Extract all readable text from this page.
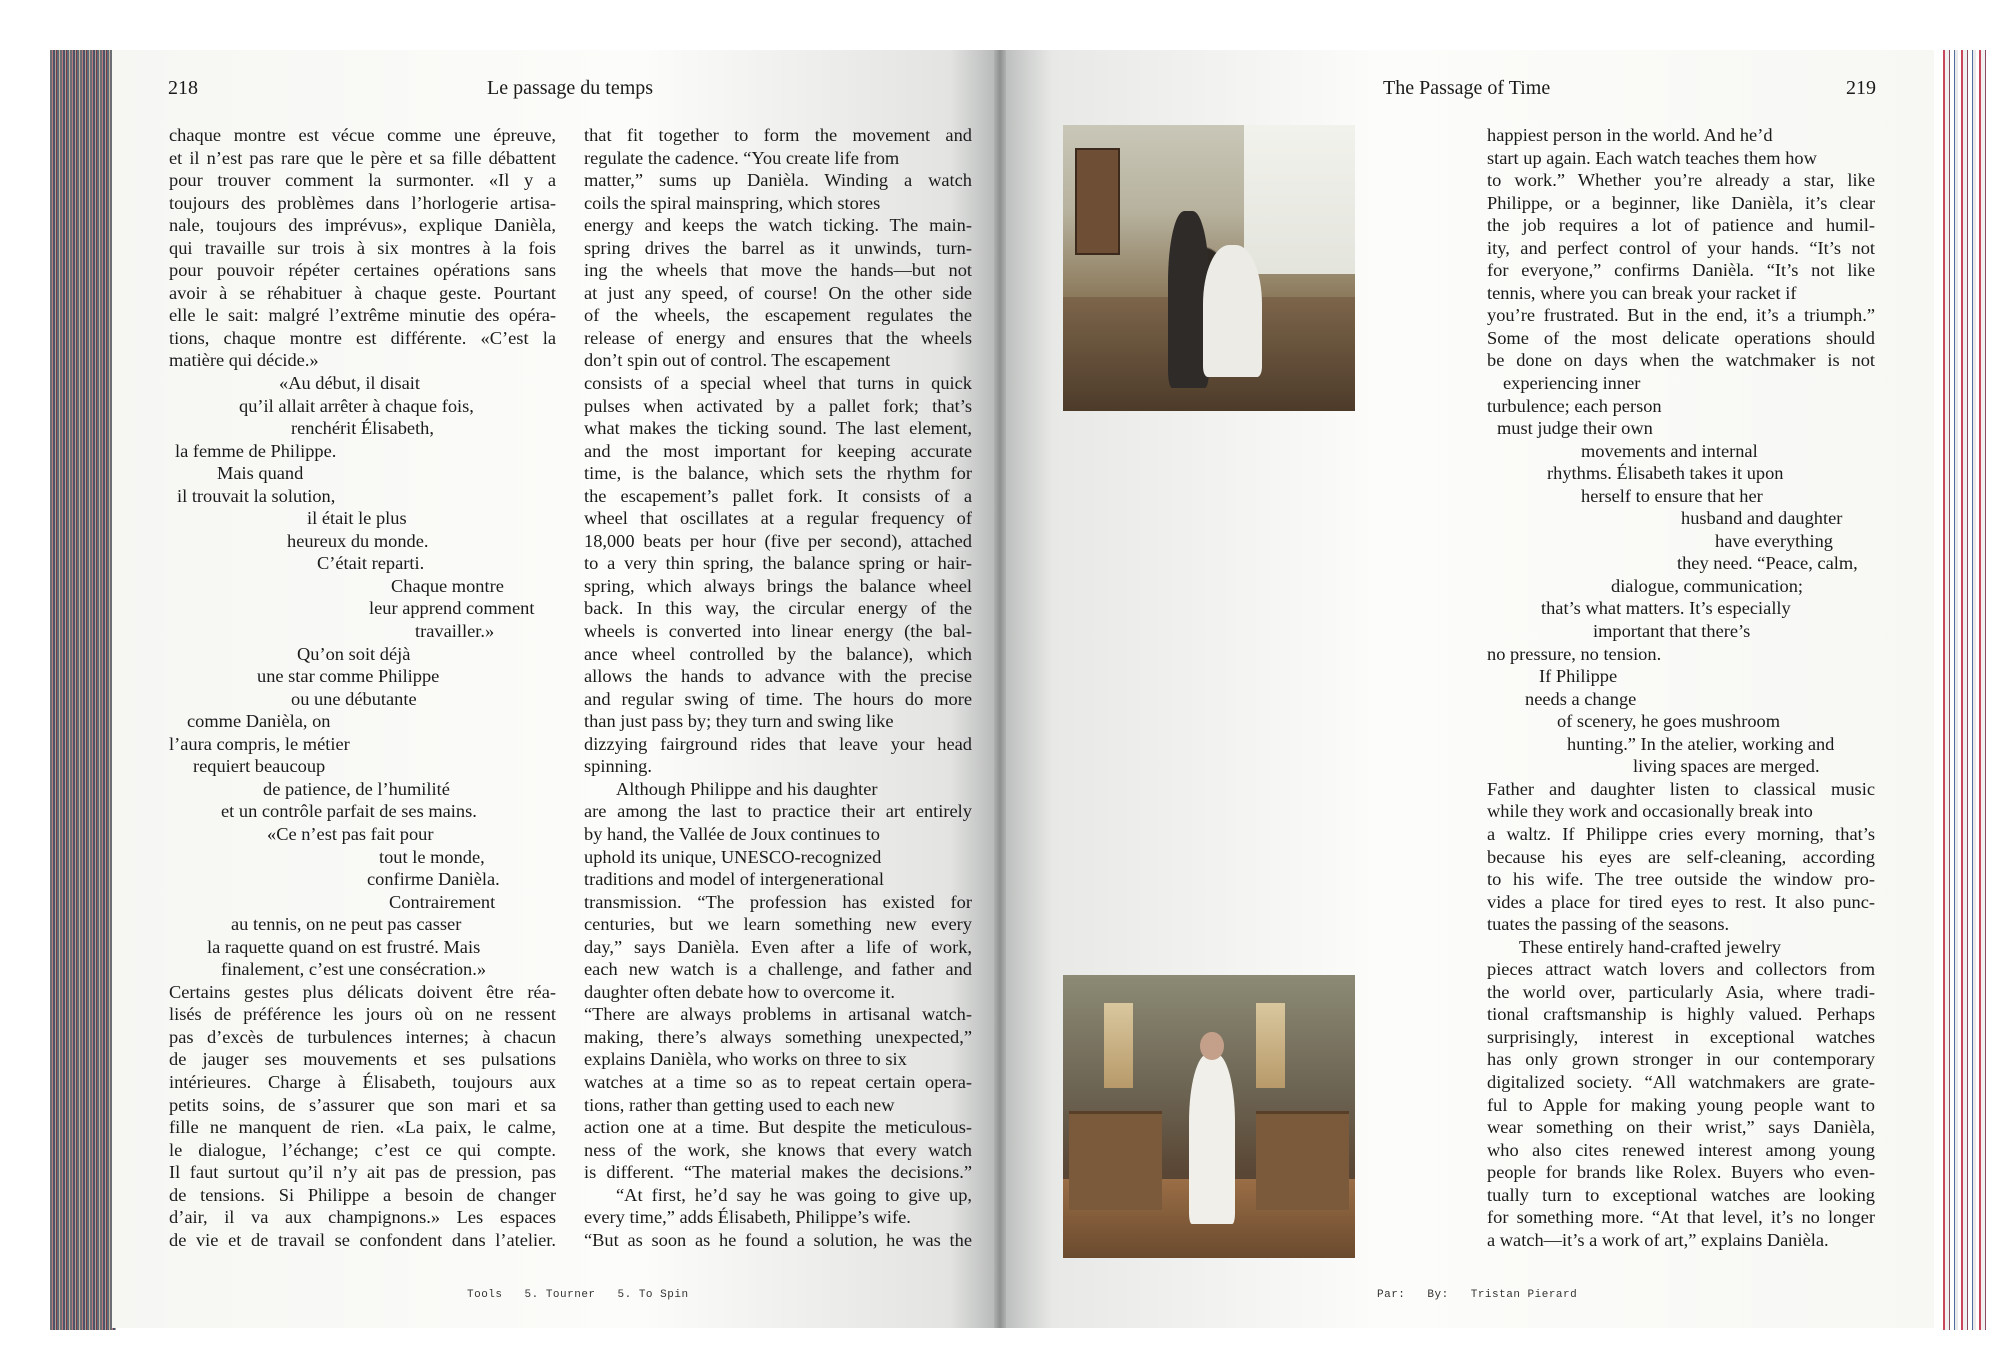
218	Le passage du temps	The Passage of Time	219
chaque montre est vécue comme une épreuve,
et il n’est pas rare que le père et sa fille débattent
pour trouver comment la surmonter. «Il y a
toujours des problèmes dans l’horlogerie artisa-
nale, toujours des imprévus», explique Danièla,
qui travaille sur trois à six montres à la fois
pour pouvoir répéter certaines opérations sans
avoir à se réhabituer à chaque geste. Pourtant
elle le sait: malgré l’extrême minutie des opéra-
tions, chaque montre est différente. «C’est la
matière qui décide.»
«Au début, il disait
qu’il allait arrêter à chaque fois,
renchérit Élisabeth,
la femme de Philippe.
Mais quand
il trouvait la solution,
il était le plus
heureux du monde.
C’était reparti.
Chaque montre
leur apprend comment
travailler.»
Qu’on soit déjà
une star comme Philippe
ou une débutante
comme Danièla, on
l’aura compris, le métier
requiert beaucoup
de patience, de l’humilité
et un contrôle parfait de ses mains.
«Ce n’est pas fait pour
tout le monde,
confirme Danièla.
Contrairement
au tennis, on ne peut pas casser
la raquette quand on est frustré. Mais
finalement, c’est une consécration.»
Certains gestes plus délicats doivent être réa-
lisés de préférence les jours où on ne ressent
pas d’excès de turbulences internes; à chacun
de jauger ses mouvements et ses pulsations
intérieures. Charge à Élisabeth, toujours aux
petits soins, de s’assurer que son mari et sa
fille ne manquent de rien. «La paix, le calme,
le dialogue, l’échange; c’est ce qui compte.
Il faut surtout qu’il n’y ait pas de pression, pas
de tensions. Si Philippe a besoin de changer
d’air, il va aux champignons.» Les espaces
de vie et de travail se confondent dans l’atelier.
that fit together to form the movement and
regulate the cadence. “You create life from
matter,” sums up Danièla. Winding a watch
coils the spiral mainspring, which stores
energy and keeps the watch ticking. The main-
spring drives the barrel as it unwinds, turn-
ing the wheels that move the hands—but not
at just any speed, of course! On the other side
of the wheels, the escapement regulates the
release of energy and ensures that the wheels
don’t spin out of control. The escapement
consists of a special wheel that turns in quick
pulses when activated by a pallet fork; that’s
what makes the ticking sound. The last element,
and the most important for keeping accurate
time, is the balance, which sets the rhythm for
the escapement’s pallet fork. It consists of a
wheel that oscillates at a regular frequency of
18,000 beats per hour (five per second), attached
to a very thin spring, the balance spring or hair-
spring, which always brings the balance wheel
back. In this way, the circular energy of the
wheels is converted into linear energy (the bal-
ance wheel controlled by the balance), which
allows the hands to advance with the precise
and regular swing of time. The hours do more
than just pass by; they turn and swing like
dizzying fairground rides that leave your head
spinning.
Although Philippe and his daughter
are among the last to practice their art entirely
by hand, the Vallée de Joux continues to
uphold its unique, UNESCO-recognized
traditions and model of intergenerational
transmission. “The profession has existed for
centuries, but we learn something new every
day,” says Danièla. Even after a life of work,
each new watch is a challenge, and father and
daughter often debate how to overcome it.
“There are always problems in artisanal watch-
making, there’s always something unexpected,”
explains Danièla, who works on three to six
watches at a time so as to repeat certain opera-
tions, rather than getting used to each new
action one at a time. But despite the meticulous-
ness of the work, she knows that every watch
is different. “The material makes the decisions.”
“At first, he’d say he was going to give up,
every time,” adds Élisabeth, Philippe’s wife.
“But as soon as he found a solution, he was the
happiest person in the world. And he’d
start up again. Each watch teaches them how
to work.” Whether you’re already a star, like
Philippe, or a beginner, like Danièla, it’s clear
the job requires a lot of patience and humil-
ity, and perfect control of your hands. “It’s not
for everyone,” confirms Danièla. “It’s not like
tennis, where you can break your racket if
you’re frustrated. But in the end, it’s a triumph.”
Some of the most delicate operations should
be done on days when the watchmaker is not
experiencing inner
turbulence; each person
must judge their own
movements and internal
rhythms. Élisabeth takes it upon
herself to ensure that her
husband and daughter
have everything
they need. “Peace, calm,
dialogue, communication;
that’s what matters. It’s especially
important that there’s
no pressure, no tension.
If Philippe
needs a change
of scenery, he goes mushroom
hunting.” In the atelier, working and
living spaces are merged.
Father and daughter listen to classical music
while they work and occasionally break into
a waltz. If Philippe cries every morning, that’s
because his eyes are self-cleaning, according
to his wife. The tree outside the window pro-
vides a place for tired eyes to rest. It also punc-
tuates the passing of the seasons.
These entirely hand-crafted jewelry
pieces attract watch lovers and collectors from
the world over, particularly Asia, where tradi-
tional craftsmanship is highly valued. Perhaps
surprisingly, interest in exceptional watches
has only grown stronger in our contemporary
digitalized society. “All watchmakers are grate-
ful to Apple for making young people want to
wear something on their wrist,” says Danièla,
who also cites renewed interest among young
people for brands like Rolex. Buyers who even-
tually turn to exceptional watches are looking
for something more. “At that level, it’s no longer
a watch—it’s a work of art,” explains Danièla.
Tools 5. Tourner 5. To Spin	Par: By: Tristan Pierard
